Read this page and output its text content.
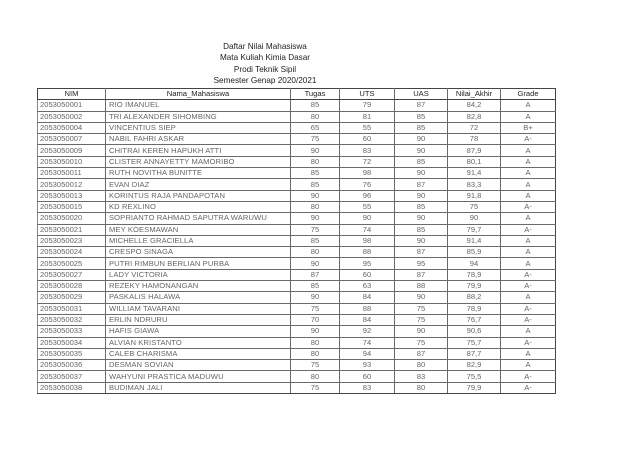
Daftar Nilai Mahasiswa
Mata Kuliah Kimia Dasar
Prodi Teknik Sipil
Semester Genap 2020/2021
NIM	Nama_Mahasiswa	Tugas	UTS	UAS	Nilai_Akhir	Grade
2053050001	RIO IMANUEL	85	79	87	84,2	A
2053050002	TRI ALEXANDER SIHOMBING	80	81	85	82,8	A
2053050004	VINCENTIUS SIEP	65	55	85	72	B+
2053050007	NABIL FAHRI ASKAR	75	60	90	78	A-
2053050009	CHITRAI KEREN HAPUKH ATTI	90	83	90	87,9	A
2053050010	CLISTER ANNAYETTY MAMORIBO	80	72	85	80,1	A
2053050011	RUTH NOVITHA BUNITTE	85	98	90	91,4	A
2053050012	EVAN DIAZ	85	76	87	83,3	A
2053050013	KORINTUS RAJA PANDAPOTAN	90	96	90	91,8	A
2053050015	KD REXLINO	80	55	85	75	A-
2053050020	SOPRIANTO RAHMAD SAPUTRA WARUWU	90	90	90	90	A
2053050021	MEY KOESMAWAN	75	74	85	79,7	A-
2053050023	MICHELLE GRACIELLA	85	98	90	91,4	A
2053050024	CRESPO SINAGA	80	88	87	85,9	A
2053050025	PUTRI RIMBUN BERLIAN PURBA	90	95	95	94	A
2053050027	LADY VICTORIA	87	60	87	78,9	A-
2053050028	REZEKY HAMONANGAN	85	63	88	79,9	A-
2053050029	PASKALIS HALAWA	90	84	90	88,2	A
2053050031	WILLIAM TAVARANI	75	88	75	78,9	A-
2053050032	ERLIN NDRURU	70	84	75	76,7	A-
2053050033	HAFIS GIAWA	90	92	90	90,6	A
2053050034	ALVIAN KRISTANTO	80	74	75	75,7	A-
2053050035	CALEB CHARISMA	80	94	87	87,7	A
2053050036	DESMAN SOVIAN	75	93	80	82,9	A
2053050037	WAHYUNI PRASTICA MADUWU	80	60	83	75,5	A-
2053050038	BUDIMAN JALI	75	83	80	79,9	A-
